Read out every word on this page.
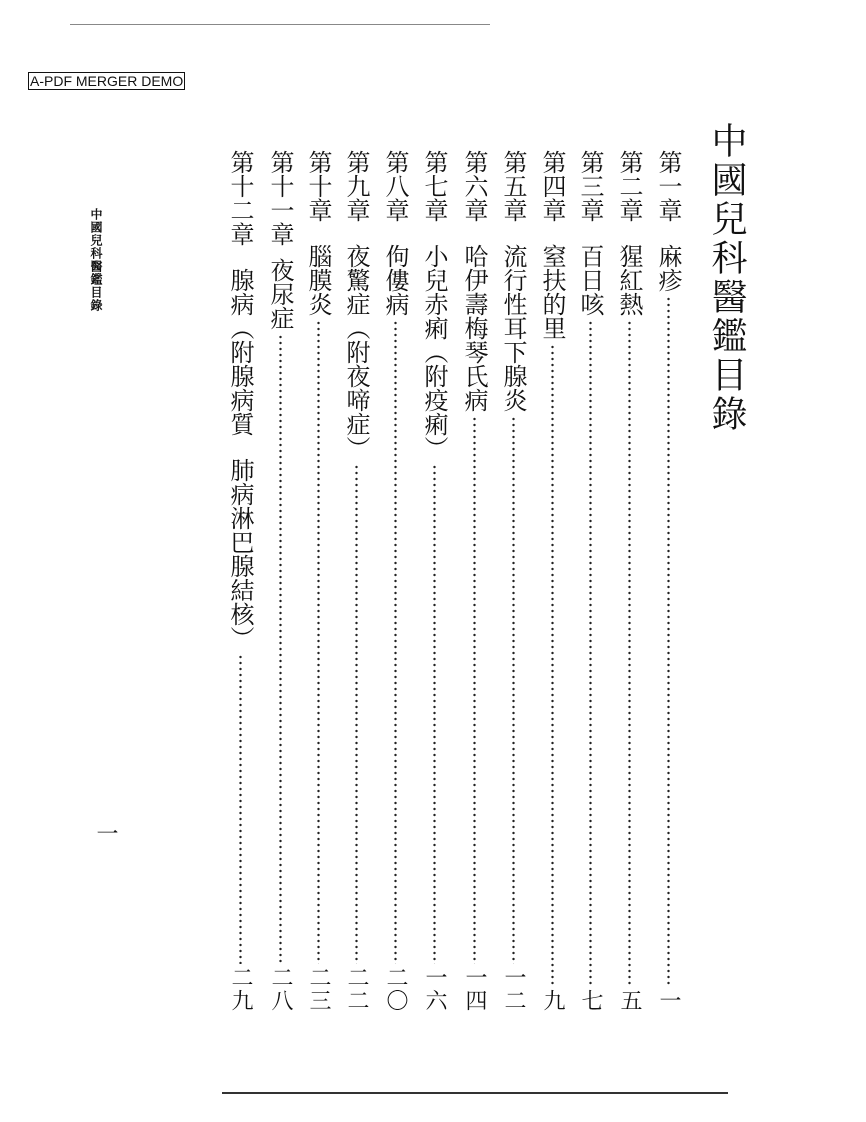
A-PDF MERGER DEMO
中國兒科醫鑑目錄
中國兒科醫鑑目錄
一
第一章
麻疹
一
第二章
猩紅熱
五
第三章
百日咳
七
第四章
窒扶的里
九
第五章
流行性耳下腺炎
一二
第六章
哈伊壽梅琴氏病
一四
第七章
小兒赤痢（附疫痢）
一六
第八章
佝僂病
二〇
第九章
夜驚症（附夜啼症）
二二
第十章
腦膜炎
二三
第十一章
夜尿症
二八
第十二章
腺病（附腺病質
肺病淋巴腺結核）
二九
